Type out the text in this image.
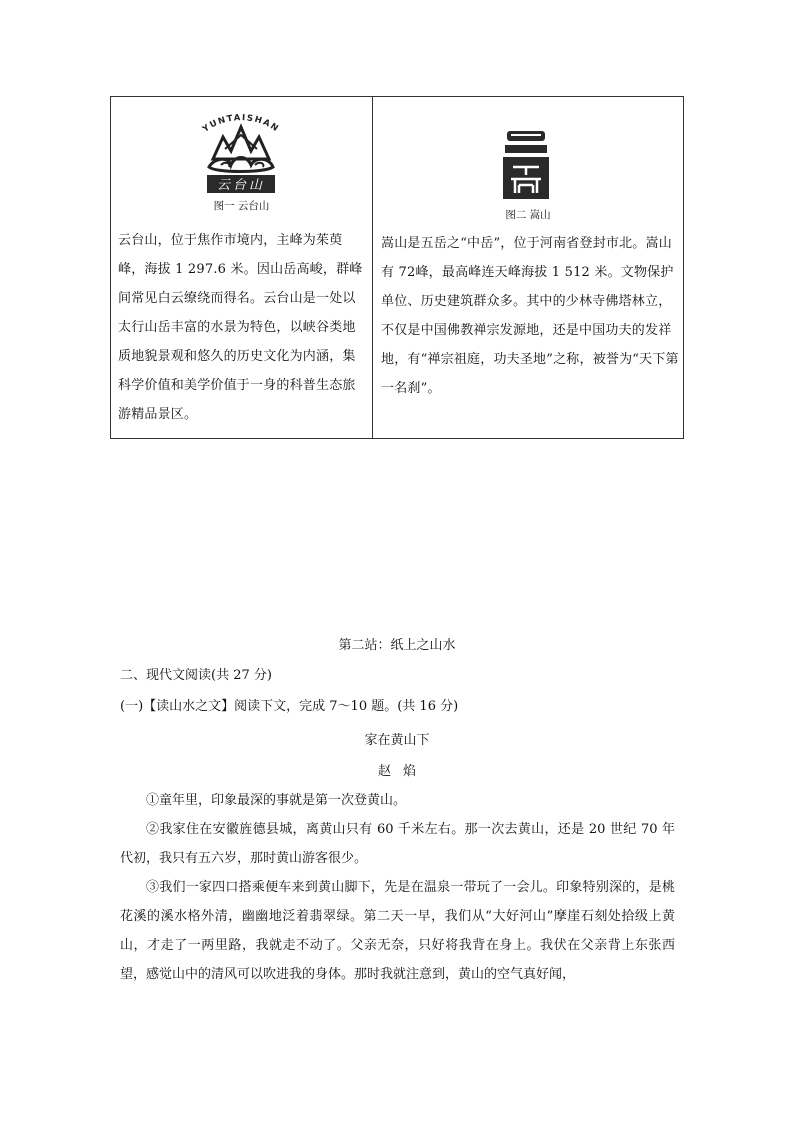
YUNTAISHAN
云台山
图一 云台山
云台山，位于焦作市境内，主峰为茱萸峰，海拔 1 297.6 米。因山岳高峻，群峰间常见白云缭绕而得名。云台山是一处以太行山岳丰富的水景为特色，以峡谷类地质地貌景观和悠久的历史文化为内涵，集科学价值和美学价值于一身的科普生态旅游精品景区。
图二 嵩山
嵩山是五岳之“中岳”，位于河南省登封市北。嵩山有 72峰，最高峰连天峰海拔 1 512 米。文物保护单位、历史建筑群众多。其中的少林寺佛塔林立，不仅是中国佛教禅宗发源地，还是中国功夫的发祥地，有“禅宗祖庭，功夫圣地”之称，被誉为“天下第一名刹”。
第二站：纸上之山水
二、现代文阅读(共 27 分)
(一)【读山水之文】阅读下文，完成 7～10 题。(共 16 分)
家在黄山下
赵焰
①童年里，印象最深的事就是第一次登黄山。
②我家住在安徽旌德县城，离黄山只有 60 千米左右。那一次去黄山，还是 20 世纪 70 年代初，我只有五六岁，那时黄山游客很少。
③我们一家四口搭乘便车来到黄山脚下，先是在温泉一带玩了一会儿。印象特别深的，是桃花溪的溪水格外清，幽幽地泛着翡翠绿。第二天一早，我们从“大好河山”摩崖石刻处拾级上黄山，才走了一两里路，我就走不动了。父亲无奈，只好将我背在身上。我伏在父亲背上东张西望，感觉山中的清风可以吹进我的身体。那时我就注意到，黄山的空气真好闻，
